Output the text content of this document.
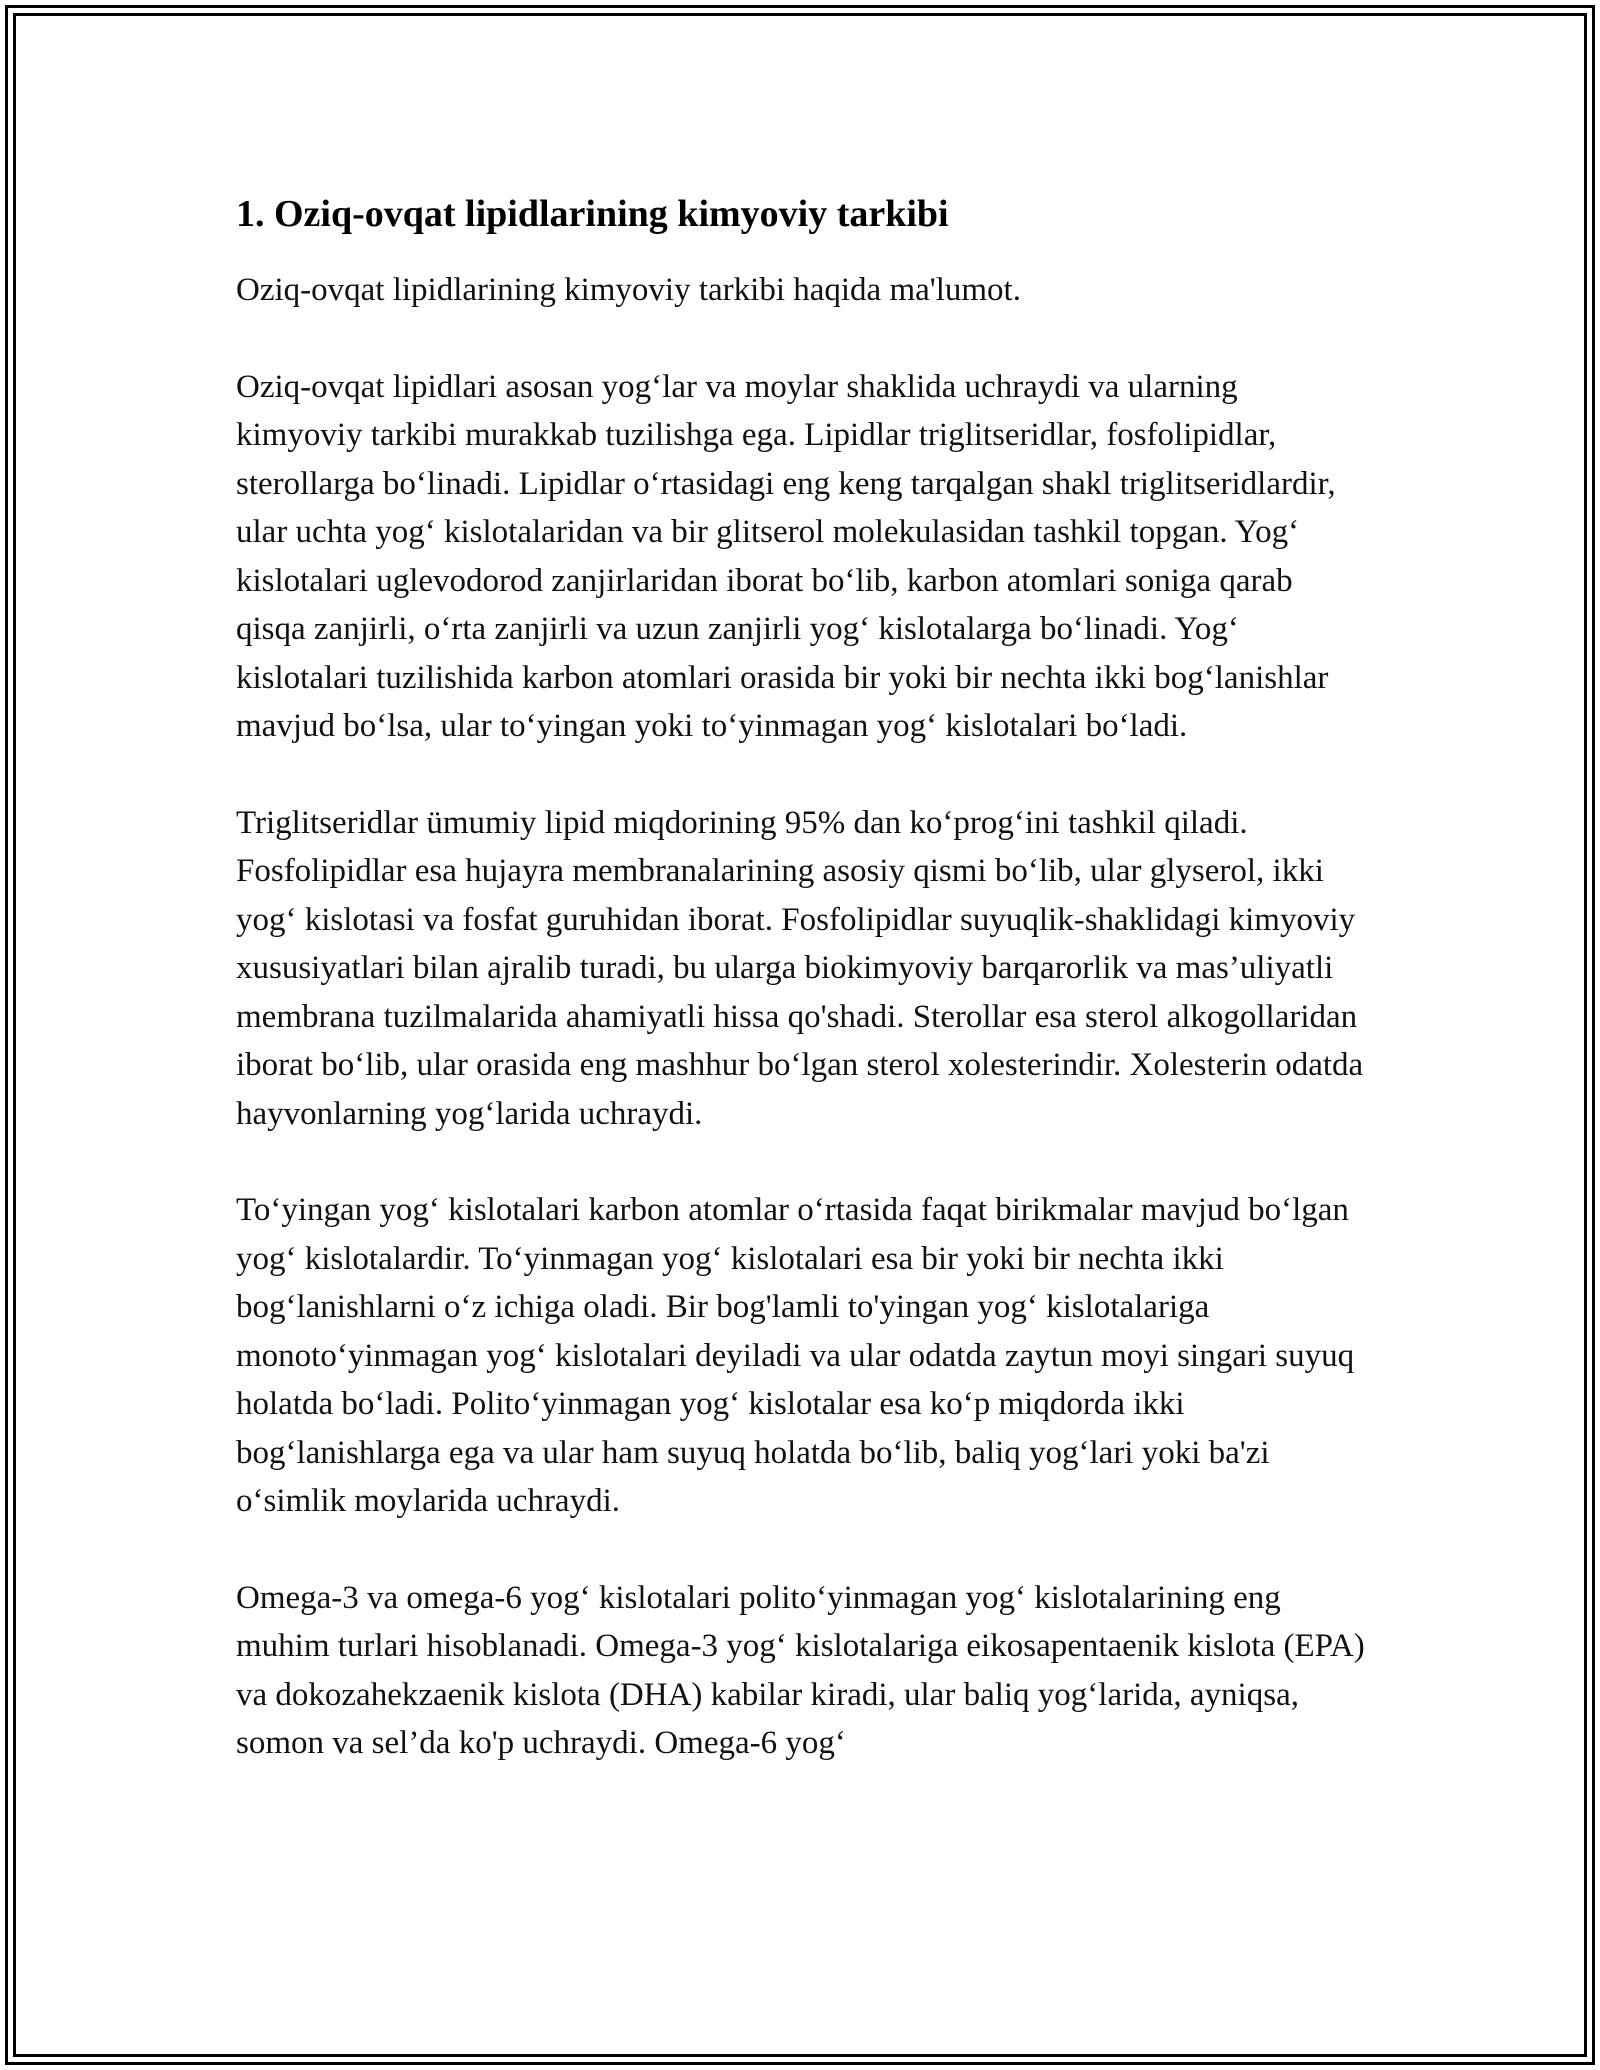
1. Oziq-ovqat lipidlarining kimyoviy tarkibi

Oziq-ovqat lipidlarining kimyoviy tarkibi haqida ma'lumot.

Oziq-ovqat lipidlari asosan yog‘lar va moylar shaklida uchraydi va ularning kimyoviy tarkibi murakkab tuzilishga ega. Lipidlar triglitseridlar, fosfolipidlar, sterollarga bo‘linadi. Lipidlar o‘rtasidagi eng keng tarqalgan shakl triglitseridlardir, ular uchta yog‘ kislotalaridan va bir glitserol molekulasidan tashkil topgan. Yog‘ kislotalari uglevodorod zanjirlaridan iborat bo‘lib, karbon atomlari soniga qarab qisqa zanjirli, o‘rta zanjirli va uzun zanjirli yog‘ kislotalarga bo‘linadi. Yog‘ kislotalari tuzilishida karbon atomlari orasida bir yoki bir nechta ikki bog‘lanishlar mavjud bo‘lsa, ular to‘yingan yoki to‘yinmagan yog‘ kislotalari bo‘ladi.

Triglitseridlar ümumiy lipid miqdorining 95% dan ko‘prog‘ini tashkil qiladi. Fosfolipidlar esa hujayra membranalarining asosiy qismi bo‘lib, ular glyserol, ikki yog‘ kislotasi va fosfat guruhidan iborat. Fosfolipidlar suyuqlik-shaklidagi kimyoviy xususiyatlari bilan ajralib turadi, bu ularga biokimyoviy barqarorlik va mas’uliyatli membrana tuzilmalarida ahamiyatli hissa qo'shadi. Sterollar esa sterol alkogollaridan iborat bo‘lib, ular orasida eng mashhur bo‘lgan sterol xolesterindir. Xolesterin odatda hayvonlarning yog‘larida uchraydi.

To‘yingan yog‘ kislotalari karbon atomlar o‘rtasida faqat birikmalar mavjud bo‘lgan yog‘ kislotalardir. To‘yinmagan yog‘ kislotalari esa bir yoki bir nechta ikki bog‘lanishlarni o‘z ichiga oladi. Bir bog'lamli to'yingan yog‘ kislotalariga monoto‘yinmagan yog‘ kislotalari deyiladi va ular odatda zaytun moyi singari suyuq holatda bo‘ladi. Polito‘yinmagan yog‘ kislotalar esa ko‘p miqdorda ikki bog‘lanishlarga ega va ular ham suyuq holatda bo‘lib, baliq yog‘lari yoki ba'zi o‘simlik moylarida uchraydi.

Omega-3 va omega-6 yog‘ kislotalari polito‘yinmagan yog‘ kislotalarining eng muhim turlari hisoblanadi. Omega-3 yog‘ kislotalariga eikosapentaenik kislota (EPA) va dokozahekzaenik kislota (DHA) kabilar kiradi, ular baliq yog‘larida, ayniqsa, somon va sel’da ko'p uchraydi. Omega-6 yog‘
